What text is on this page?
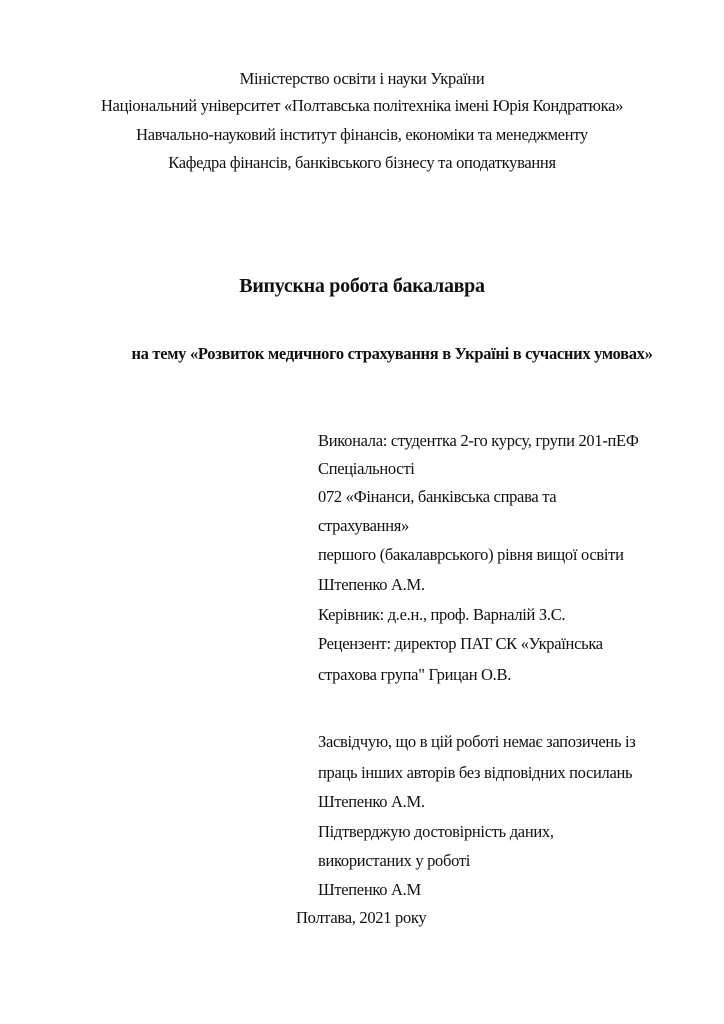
Міністерство освіти і науки України
Національний університет «Полтавська політехніка імені Юрія Кондратюка»
Навчально-науковий інститут фінансів, економіки та менеджменту
Кафедра фінансів, банківського бізнесу та оподаткування
Випускна робота бакалавра
на тему «Розвиток медичного страхування в Україні в сучасних умовах»
Виконала: студентка 2-го курсу, групи 201-пЕФ
Спеціальності
072 «Фінанси, банківська справа та
страхування»
першого (бакалаврського) рівня вищої освіти
Штепенко А.М.
Керівник: д.е.н., проф. Варналій З.С.
Рецензент: директор ПАТ СК «Українська
страхова група" Грицан О.В.
Засвідчую, що в цій роботі немає запозичень із
праць інших авторів без відповідних посилань
Штепенко А.М.
Підтверджую достовірність даних,
використаних у роботі
Штепенко А.М
Полтава, 2021 року
